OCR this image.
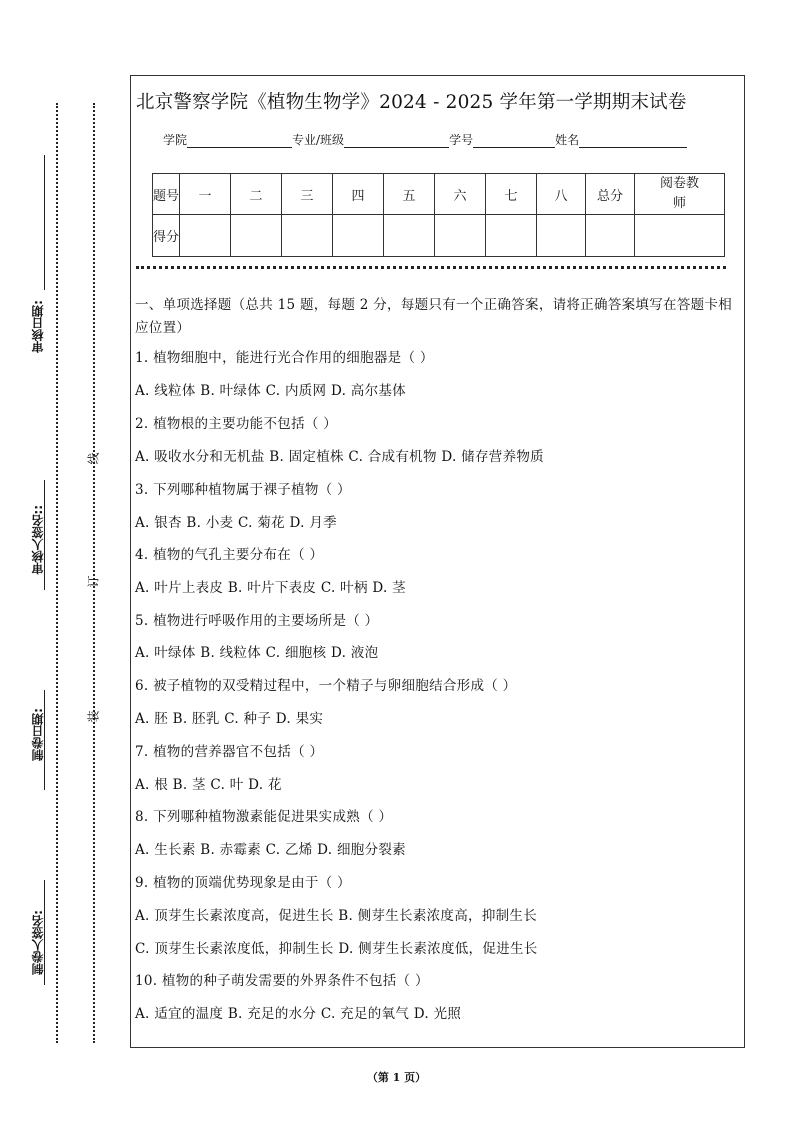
制卷人签名:
制卷日期:
审核人签名::
审核日期:
装
订
线
北京警察学院《植物生物学》2024 - 2025 学年第一学期期末试卷
学院	专业/班级	学号	姓名
题号	一	二	三	四	五	六	七	八	总分	阅卷教师
得分										
一、单项选择题（总共 15 题，每题 2 分，每题只有一个正确答案，请将正确答案填写在答题卡相应位置）
1. 植物细胞中，能进行光合作用的细胞器是（ ）
A. 线粒体 B. 叶绿体 C. 内质网 D. 高尔基体
2. 植物根的主要功能不包括（ ）
A. 吸收水分和无机盐 B. 固定植株 C. 合成有机物 D. 储存营养物质
3. 下列哪种植物属于裸子植物（ ）
A. 银杏 B. 小麦 C. 菊花 D. 月季
4. 植物的气孔主要分布在（ ）
A. 叶片上表皮 B. 叶片下表皮 C. 叶柄 D. 茎
5. 植物进行呼吸作用的主要场所是（ ）
A. 叶绿体 B. 线粒体 C. 细胞核 D. 液泡
6. 被子植物的双受精过程中，一个精子与卵细胞结合形成（ ）
A. 胚 B. 胚乳 C. 种子 D. 果实
7. 植物的营养器官不包括（ ）
A. 根 B. 茎 C. 叶 D. 花
8. 下列哪种植物激素能促进果实成熟（ ）
A. 生长素 B. 赤霉素 C. 乙烯 D. 细胞分裂素
9. 植物的顶端优势现象是由于（ ）
A. 顶芽生长素浓度高，促进生长 B. 侧芽生长素浓度高，抑制生长
C. 顶芽生长素浓度低，抑制生长 D. 侧芽生长素浓度低，促进生长
10. 植物的种子萌发需要的外界条件不包括（ ）
A. 适宜的温度 B. 充足的水分 C. 充足的氧气 D. 光照
（第 1 页）
